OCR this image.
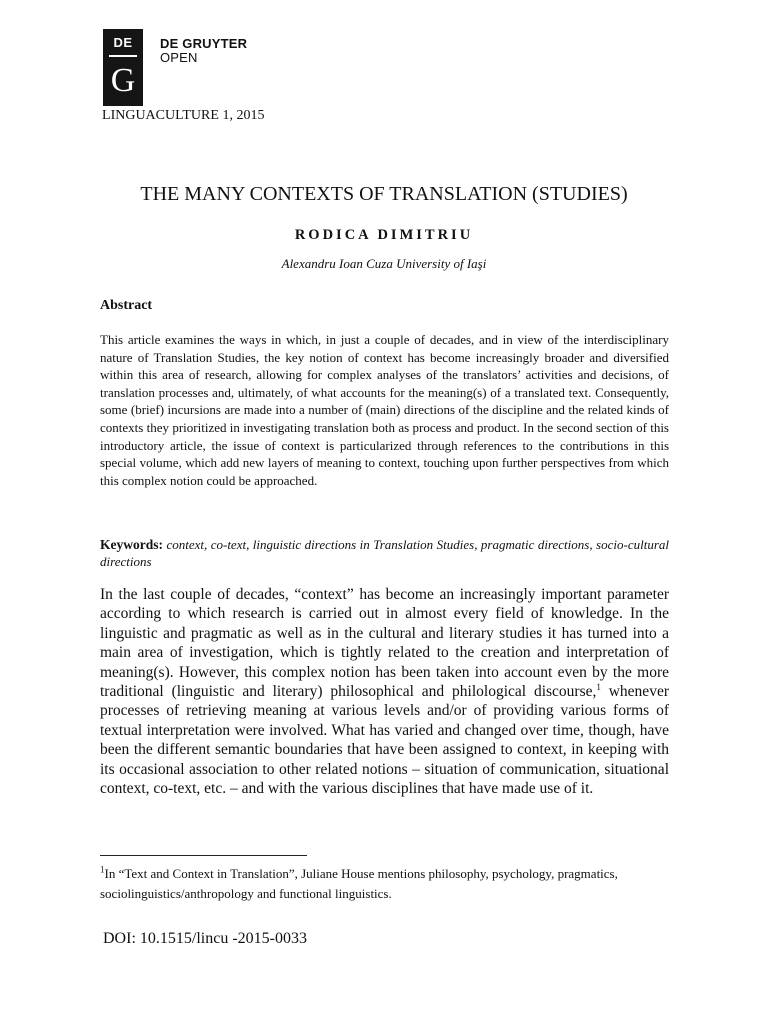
DE
G
DE GRUYTER
OPEN
LINGUACULTURE 1, 2015
THE MANY CONTEXTS OF TRANSLATION (STUDIES)
RODICA DIMITRIU
Alexandru Ioan Cuza University of Iaşi
Abstract
This article examines the ways in which, in just a couple of decades, and in view of the interdisciplinary nature of Translation Studies, the key notion of context has become increasingly broader and diversified within this area of research, allowing for complex analyses of the translators’ activities and decisions, of translation processes and, ultimately, of what accounts for the meaning(s) of a translated text. Consequently, some (brief) incursions are made into a number of (main) directions of the discipline and the related kinds of contexts they prioritized in investigating translation both as process and product. In the second section of this introductory article, the issue of context is particularized through references to the contributions in this special volume, which add new layers of meaning to context, touching upon further perspectives from which this complex notion could be approached.
Keywords: context, co-text, linguistic directions in Translation Studies, pragmatic directions, socio-cultural directions
In the last couple of decades, “context” has become an increasingly important parameter according to which research is carried out in almost every field of knowledge. In the linguistic and pragmatic as well as in the cultural and literary studies it has turned into a main area of investigation, which is tightly related to the creation and interpretation of meaning(s). However, this complex notion has been taken into account even by the more traditional (linguistic and literary) philosophical and philological discourse,$^1$ whenever processes of retrieving meaning at various levels and/or of providing various forms of textual interpretation were involved. What has varied and changed over time, though, have been the different semantic boundaries that have been assigned to context, in keeping with its occasional association to other related notions – situation of communication, situational context, co-text, etc. – and with the various disciplines that have made use of it.
$^1$In “Text and Context in Translation”, Juliane House mentions philosophy, psychology, pragmatics, sociolinguistics/anthropology and functional linguistics.
DOI: 10.1515/lincu -2015-0033
